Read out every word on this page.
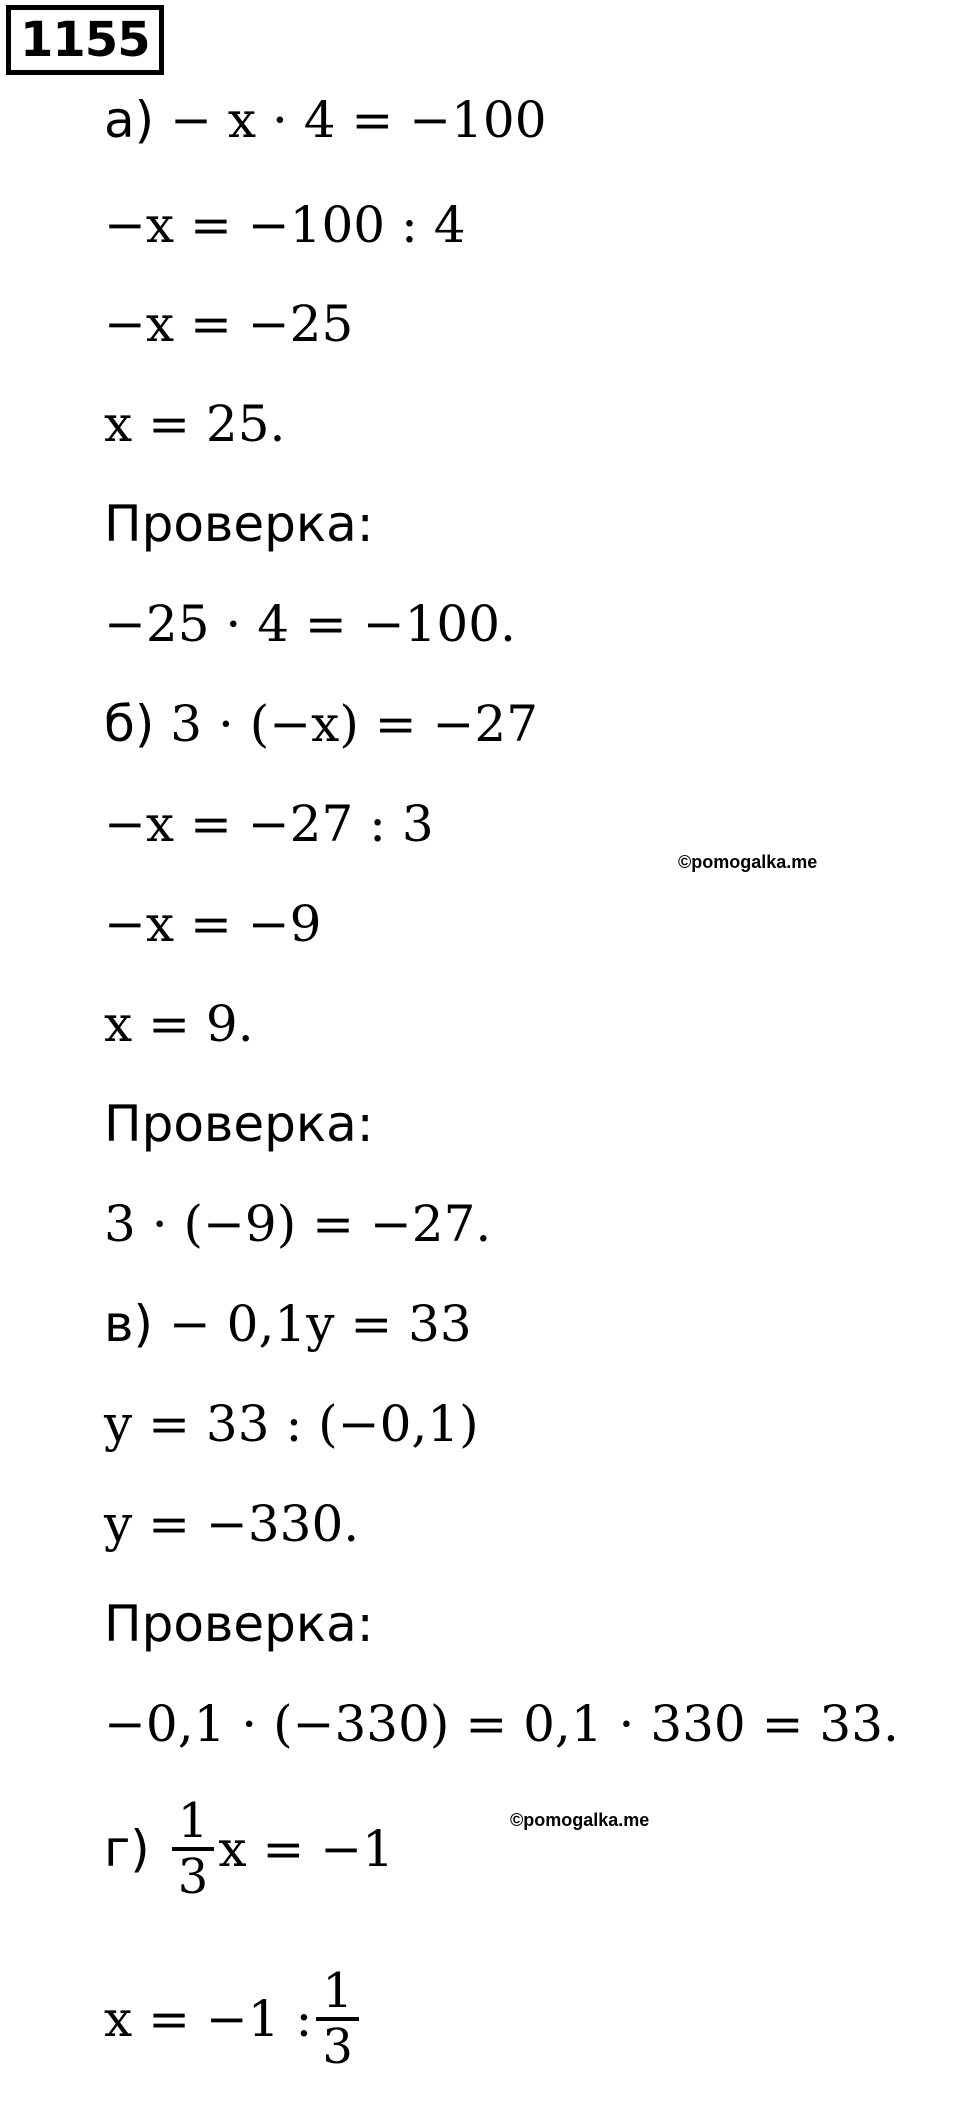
1155
а) − x · 4 = −100
−x = −100 : 4
−x = −25
x = 25.
Проверка:
−25 · 4 = −100.
б) 3 · (−x) = −27
−x = −27 : 3
©pomogalka.me
−x = −9
x = 9.
Проверка:
3 · (−9) = −27.
в) − 0,1y = 33
y = 33 : (−0,1)
y = −330.
Проверка:
−0,1 · (−330) = 0,1 · 330 = 33.
©pomogalka.me
$г) \frac{1}{3}$ x = −1
x = −1 : $\frac{1}{3}$
